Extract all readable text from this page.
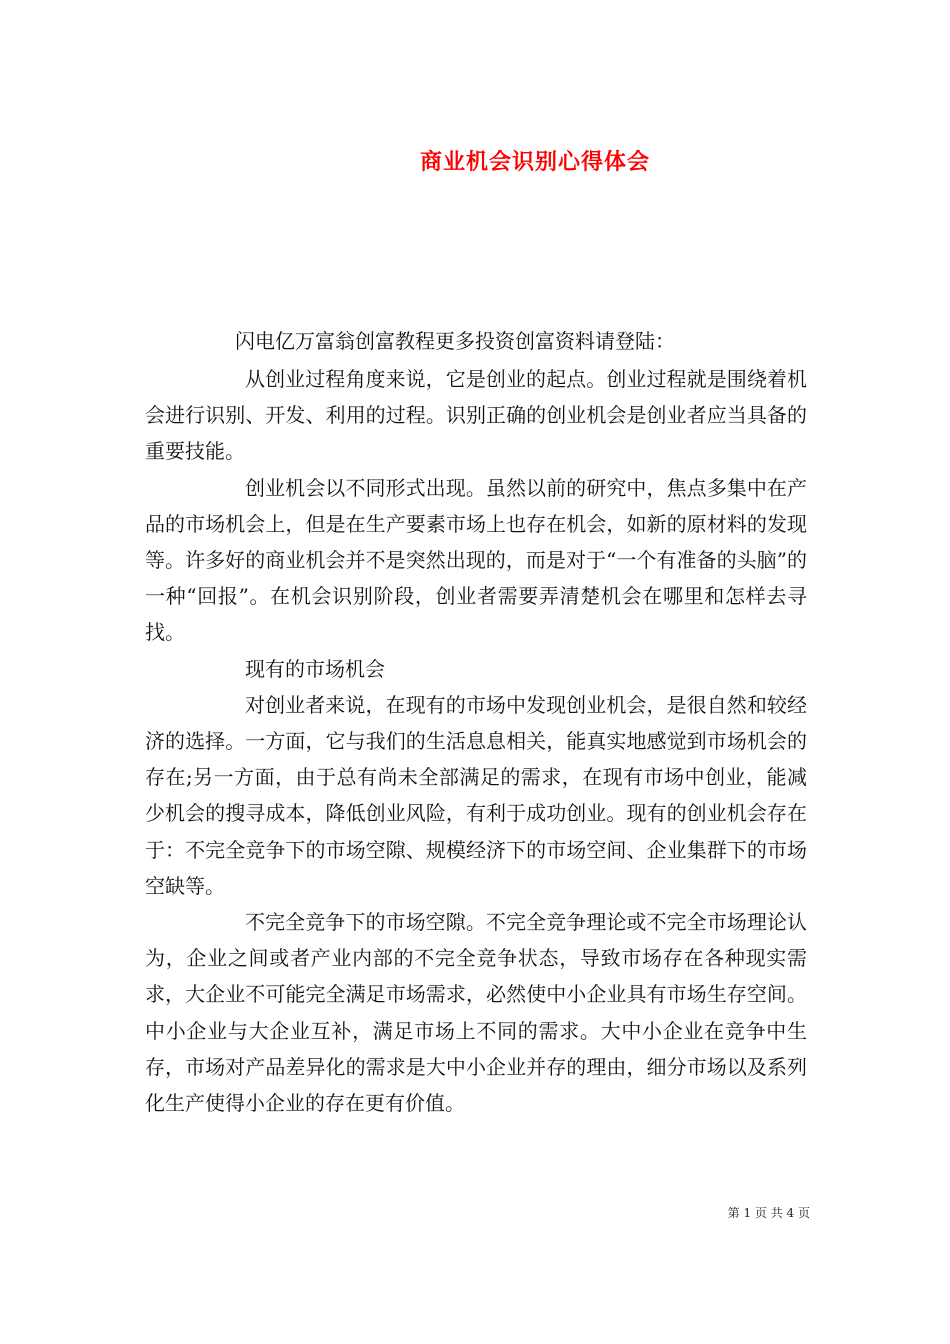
商业机会识别心得体会
闪电亿万富翁创富教程更多投资创富资料请登陆：

从创业过程角度来说，它是创业的起点。创业过程就是围绕着机会进行识别、开发、利用的过程。识别正确的创业机会是创业者应当具备的重要技能。

创业机会以不同形式出现。虽然以前的研究中，焦点多集中在产品的市场机会上，但是在生产要素市场上也存在机会，如新的原材料的发现等。许多好的商业机会并不是突然出现的，而是对于“一个有准备的头脑”的一种“回报”。在机会识别阶段，创业者需要弄清楚机会在哪里和怎样去寻找。

现有的市场机会

对创业者来说，在现有的市场中发现创业机会，是很自然和较经济的选择。一方面，它与我们的生活息息相关，能真实地感觉到市场机会的存在;另一方面，由于总有尚未全部满足的需求，在现有市场中创业，能减少机会的搜寻成本，降低创业风险，有利于成功创业。现有的创业机会存在于：不完全竞争下的市场空隙、规模经济下的市场空间、企业集群下的市场空缺等。

不完全竞争下的市场空隙。不完全竞争理论或不完全市场理论认为，企业之间或者产业内部的不完全竞争状态，导致市场存在各种现实需求，大企业不可能完全满足市场需求，必然使中小企业具有市场生存空间。中小企业与大企业互补，满足市场上不同的需求。大中小企业在竞争中生存，市场对产品差异化的需求是大中小企业并存的理由，细分市场以及系列化生产使得小企业的存在更有价值。

第 1 页 共 4 页
